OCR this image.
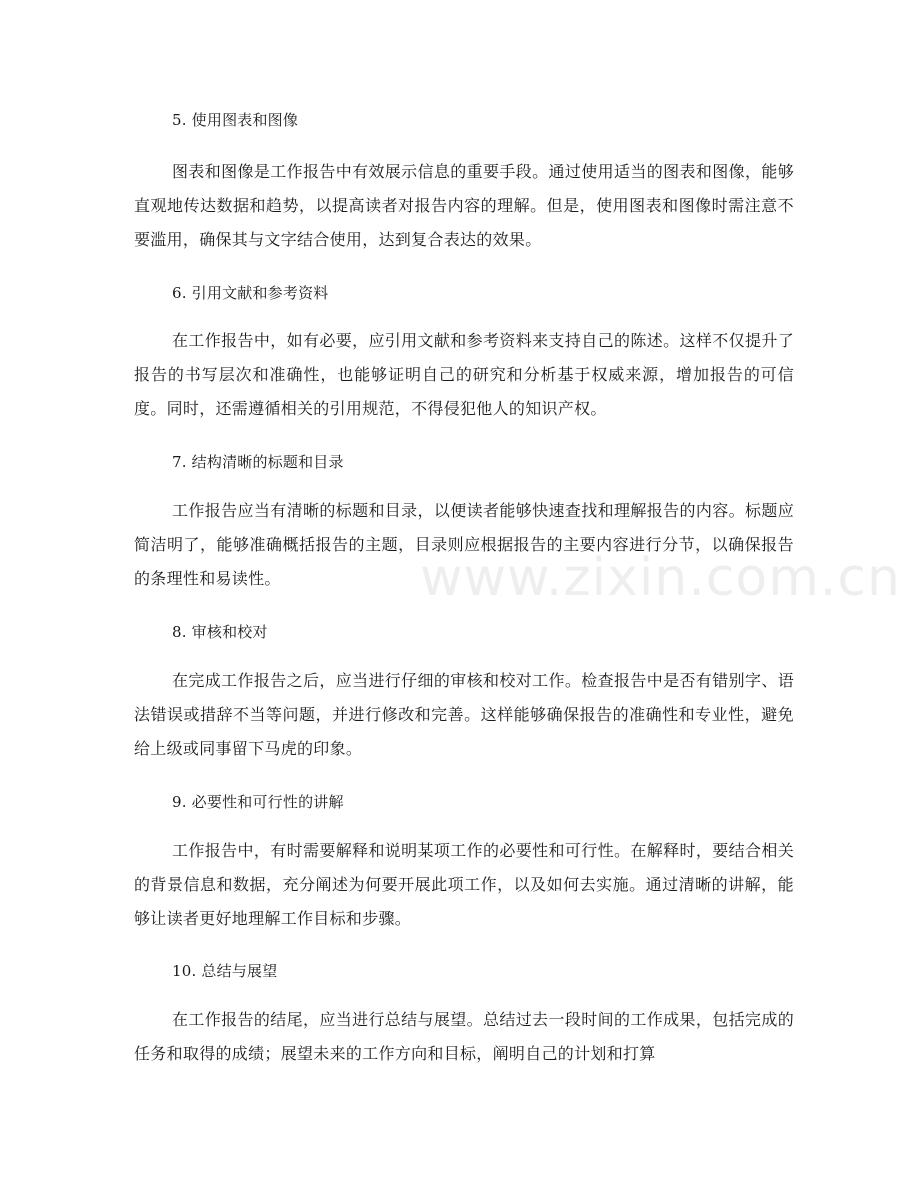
5. 使用图表和图像
图表和图像是工作报告中有效展示信息的重要手段。通过使用适当的图表和图像，能够直观地传达数据和趋势，以提高读者对报告内容的理解。但是，使用图表和图像时需注意不要滥用，确保其与文字结合使用，达到复合表达的效果。
6. 引用文献和参考资料
在工作报告中，如有必要，应引用文献和参考资料来支持自己的陈述。这样不仅提升了报告的书写层次和准确性，也能够证明自己的研究和分析基于权威来源，增加报告的可信度。同时，还需遵循相关的引用规范，不得侵犯他人的知识产权。
7. 结构清晰的标题和目录
工作报告应当有清晰的标题和目录，以便读者能够快速查找和理解报告的内容。标题应简洁明了，能够准确概括报告的主题，目录则应根据报告的主要内容进行分节，以确保报告的条理性和易读性。
8. 审核和校对
在完成工作报告之后，应当进行仔细的审核和校对工作。检查报告中是否有错别字、语法错误或措辞不当等问题，并进行修改和完善。这样能够确保报告的准确性和专业性，避免给上级或同事留下马虎的印象。
9. 必要性和可行性的讲解
工作报告中，有时需要解释和说明某项工作的必要性和可行性。在解释时，要结合相关的背景信息和数据，充分阐述为何要开展此项工作，以及如何去实施。通过清晰的讲解，能够让读者更好地理解工作目标和步骤。
10. 总结与展望
在工作报告的结尾，应当进行总结与展望。总结过去一段时间的工作成果，包括完成的任务和取得的成绩；展望未来的工作方向和目标，阐明自己的计划和打算
www.zixin.com.cn
